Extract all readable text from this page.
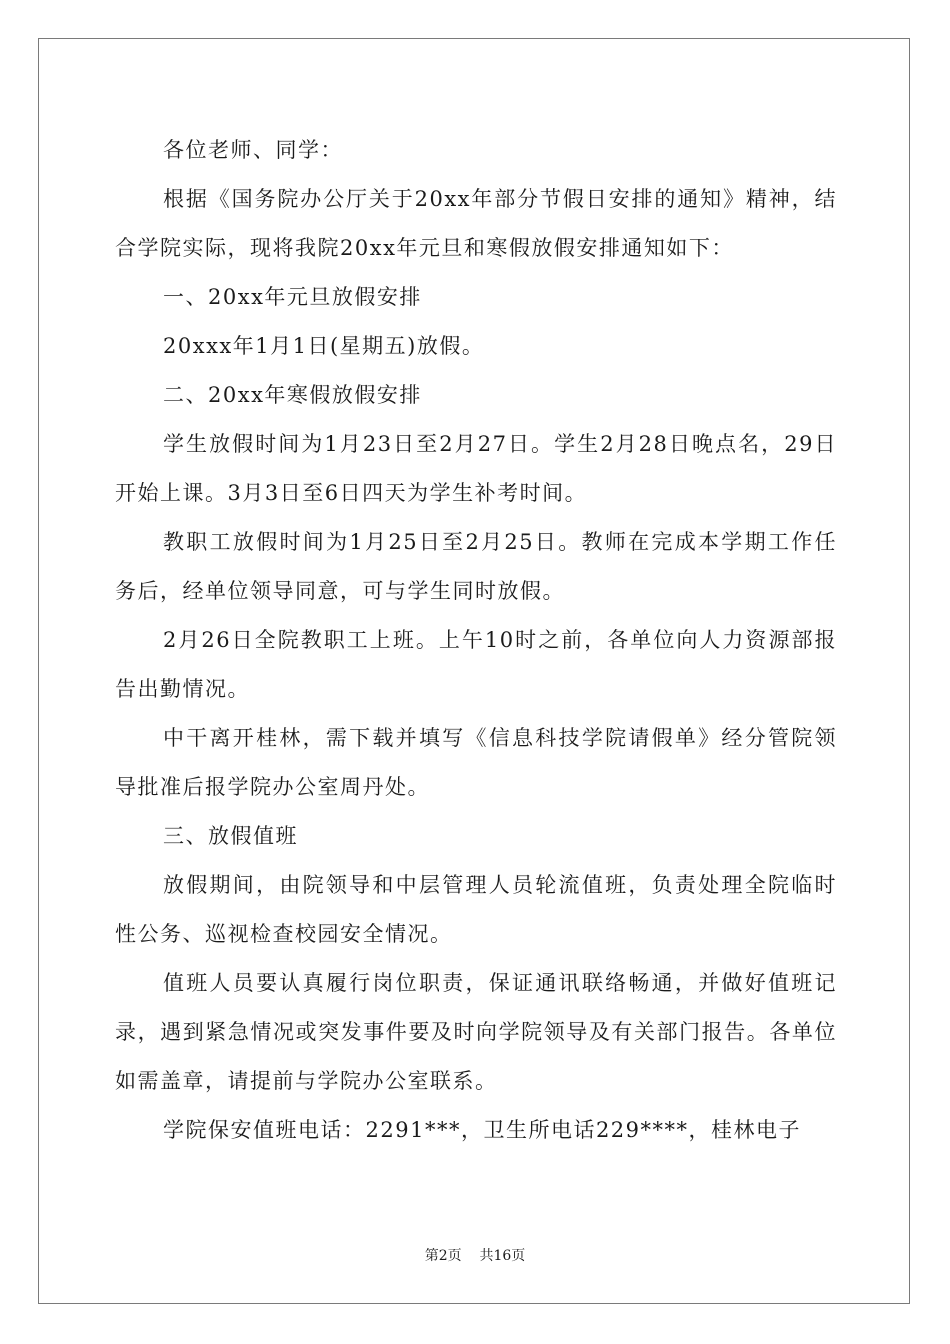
各位老师、同学：

根据《国务院办公厅关于20xx年部分节假日安排的通知》精神，结合学院实际，现将我院20xx年元旦和寒假放假安排通知如下：

一、20xx年元旦放假安排

20xxx年1月1日(星期五)放假。

二、20xx年寒假放假安排

学生放假时间为1月23日至2月27日。学生2月28日晚点名，29日开始上课。3月3日至6日四天为学生补考时间。

教职工放假时间为1月25日至2月25日。教师在完成本学期工作任务后，经单位领导同意，可与学生同时放假。

2月26日全院教职工上班。上午10时之前，各单位向人力资源部报告出勤情况。

中干离开桂林，需下载并填写《信息科技学院请假单》经分管院领导批准后报学院办公室周丹处。

三、放假值班

放假期间，由院领导和中层管理人员轮流值班，负责处理全院临时性公务、巡视检查校园安全情况。

值班人员要认真履行岗位职责，保证通讯联络畅通，并做好值班记录，遇到紧急情况或突发事件要及时向学院领导及有关部门报告。各单位如需盖章，请提前与学院办公室联系。

学院保安值班电话：2291***，卫生所电话229****，桂林电子

第2页 共16页
